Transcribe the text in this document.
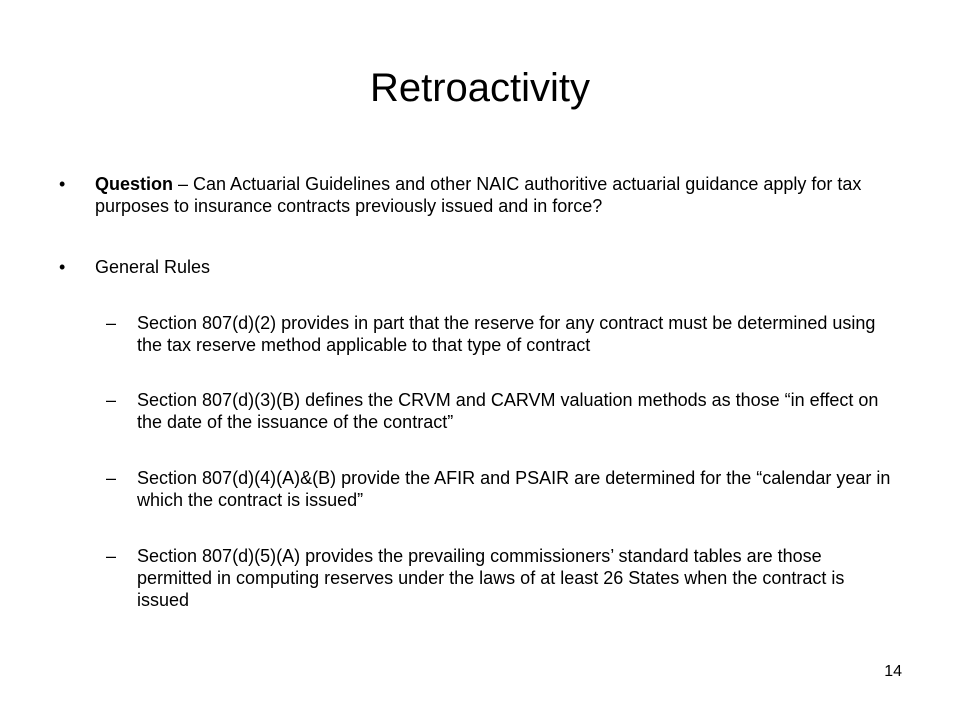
Retroactivity
• Question – Can Actuarial Guidelines and other NAIC authoritive actuarial guidance apply for tax purposes to insurance contracts previously issued and in force?
• General Rules
– Section 807(d)(2) provides in part that the reserve for any contract must be determined using the tax reserve method applicable to that type of contract
– Section 807(d)(3)(B) defines the CRVM and CARVM valuation methods as those “in effect on the date of the issuance of the contract”
– Section 807(d)(4)(A)&(B) provide the AFIR and PSAIR are determined for the “calendar year in which the contract is issued”
– Section 807(d)(5)(A) provides the prevailing commissioners’ standard tables are those permitted in computing reserves under the laws of at least 26 States when the contract is issued
14
